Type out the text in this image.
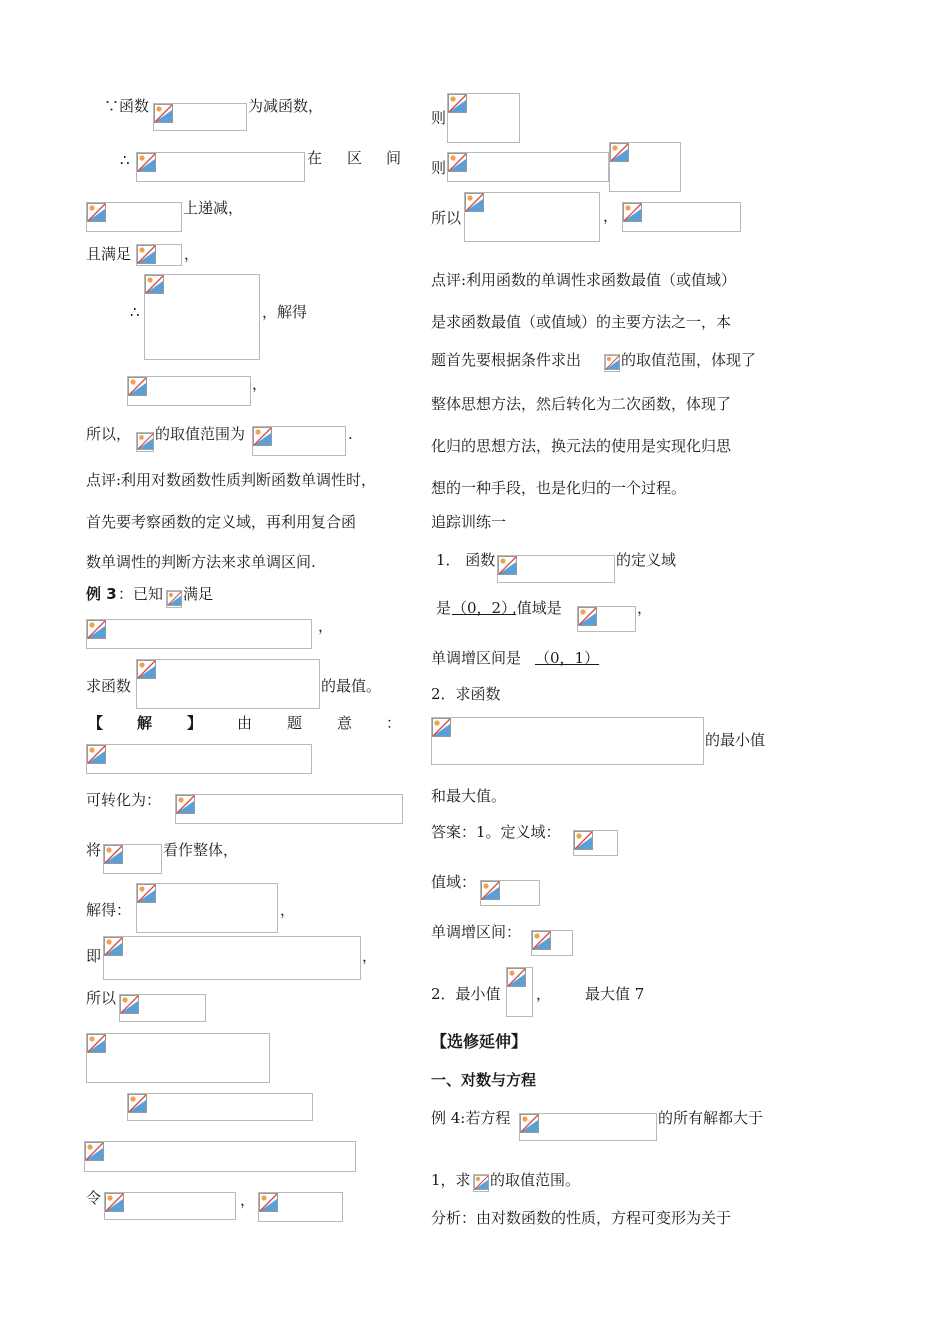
∵函数	为减函数，
∴	在 区 间
上递减，
且满足	，
∴	，解得
，
所以， 的取值范围为	.
点评:利用对数函数性质判断函数单调性时，
首先要考察函数的定义域，再利用复合函
数单调性的判断方法来求单调区间.
例 3 ：已知 满足
，
求函数	的最值。
【 解 】 由 题 意 ：
可转化为：
将	看作整体，
解得：	，
即	，
所以
令	，
则
则
所以	，
点评:利用函数的单调性求函数最值（或值域）
是求函数最值（或值域）的主要方法之一，本
题首先要根据条件求出	的取值范围，体现了
整体思想方法，然后转化为二次函数，体现了
化归的思想方法，换元法的使用是实现化归思
想的一种手段，也是化归的一个过程。
追踪训练一
1． 函数	的定义域
是 （0，2）
,值域是	，
单调增区间是 （0，1）
2．求函数
的最小值
和最大值。
答案：1。定义域：
值域：
单调增区间：
2．最小值 ， 最大值 7
【选修延伸】
一、对数与方程
例 4:若方程	的所有解都大于
1，求 的取值范围。
分析：由对数函数的性质，方程可变形为关于
